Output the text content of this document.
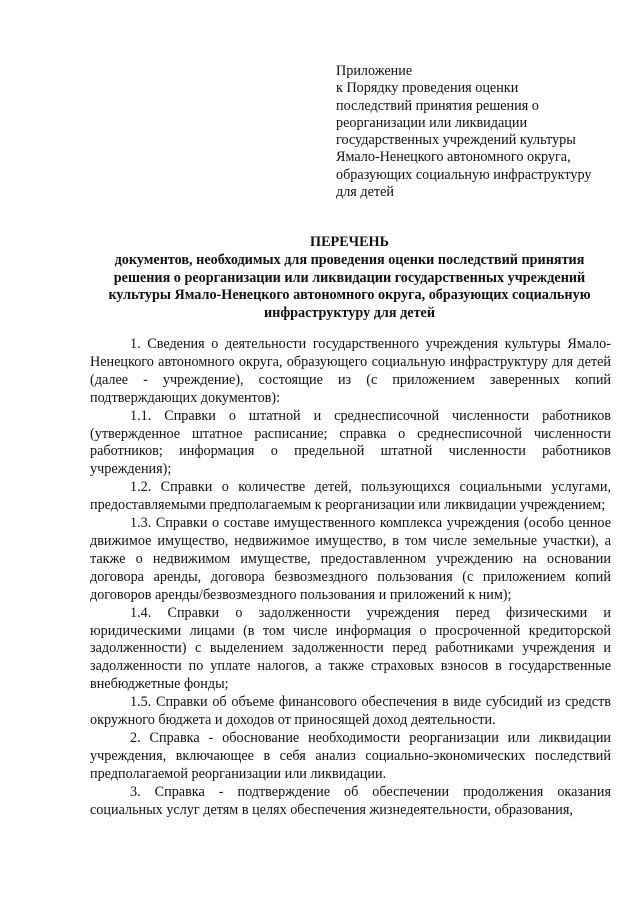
Приложение
к Порядку проведения оценки
последствий принятия решения о
реорганизации или ликвидации
государственных учреждений культуры
Ямало-Ненецкого автономного округа,
образующих социальную инфраструктуру
для детей
ПЕРЕЧЕНЬ
документов, необходимых для проведения оценки последствий принятия решения о реорганизации или ликвидации государственных учреждений культуры Ямало-Ненецкого автономного округа, образующих социальную инфраструктуру для детей

1. Сведения о деятельности государственного учреждения культуры Ямало-Ненецкого автономного округа, образующего социальную инфраструктуру для детей (далее - учреждение), состоящие из (с приложением заверенных копий подтверждающих документов):

1.1. Справки о штатной и среднесписочной численности работников (утвержденное штатное расписание; справка о среднесписочной численности работников; информация о предельной штатной численности работников учреждения);

1.2. Справки о количестве детей, пользующихся социальными услугами, предоставляемыми предполагаемым к реорганизации или ликвидации учреждением;

1.3. Справки о составе имущественного комплекса учреждения (особо ценное движимое имущество, недвижимое имущество, в том числе земельные участки), а также о недвижимом имуществе, предоставленном учреждению на основании договора аренды, договора безвозмездного пользования (с приложением копий договоров аренды/безвозмездного пользования и приложений к ним);

1.4. Справки о задолженности учреждения перед физическими и юридическими лицами (в том числе информация о просроченной кредиторской задолженности) с выделением задолженности перед работниками учреждения и задолженности по уплате налогов, а также страховых взносов в государственные внебюджетные фонды;

1.5. Справки об объеме финансового обеспечения в виде субсидий из средств окружного бюджета и доходов от приносящей доход деятельности.

2. Справка - обоснование необходимости реорганизации или ликвидации учреждения, включающее в себя анализ социально-экономических последствий предполагаемой реорганизации или ликвидации.

3. Справка - подтверждение об обеспечении продолжения оказания социальных услуг детям в целях обеспечения жизнедеятельности, образования,
